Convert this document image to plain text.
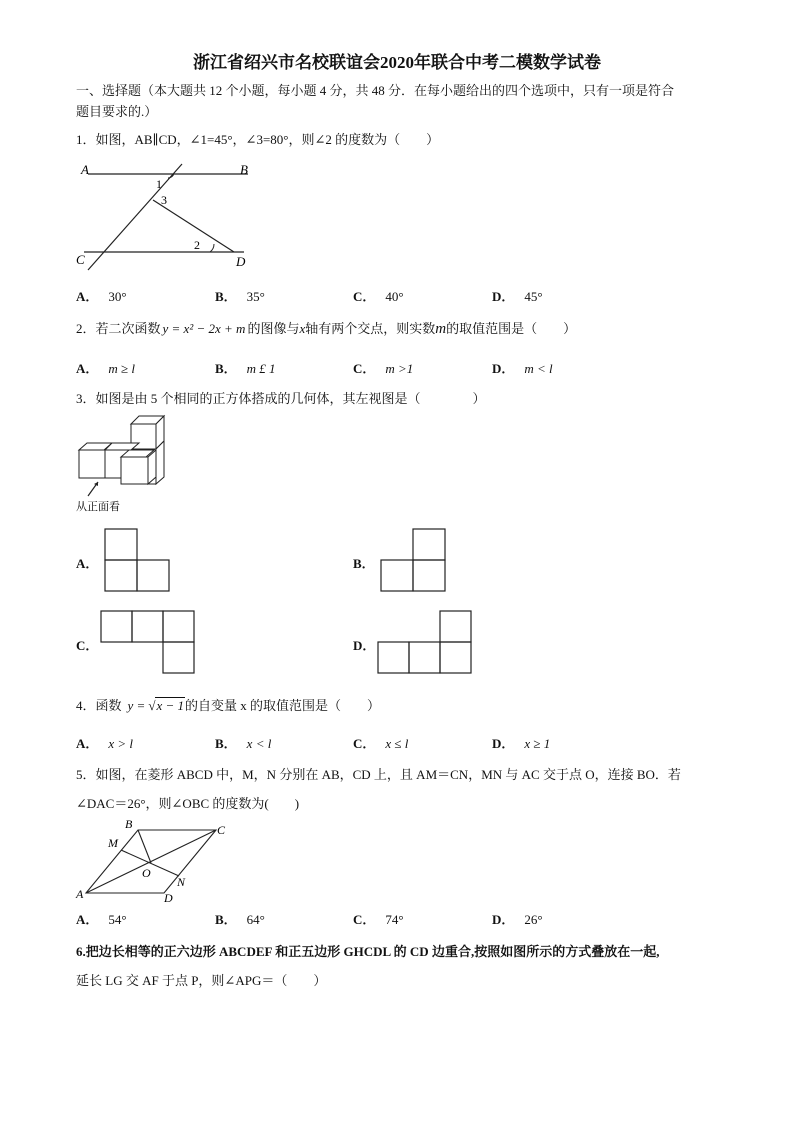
浙江省绍兴市名校联谊会2020年联合中考二模数学试卷
一、选择题（本大题共 12 个小题，每小题 4 分，共 48 分．在每小题给出的四个选项中，只有一项是符合
题目要求的.）
1．如图，AB∥CD，∠1=45°，∠3=80°，则∠2 的度数为（　　）
A	B
C	D
1
2
3
A． 30°	B． 35°	C． 40°	D． 45°
2．若二次函数 y = x² − 2x + m 的图像与x轴有两个交点，则实数m的取值范围是（　　）
A． m ≥ l	B． m £ 1	C． m >1	D． m < l
3．如图是由 5 个相同的正方体搭成的几何体，其左视图是（　　　　）
从正面看
A．	B．
C．	D．
4．函数 y = √x − 1的自变量 x 的取值范围是（　　）
A． x > l	B． x < l	C． x ≤ l	D． x ≥ 1
5．如图，在菱形 ABCD 中，M，N 分别在 AB，CD 上，且 AM＝CN，MN 与 AC 交于点 O，连接 BO．若
∠DAC＝26°，则∠OBC 的度数为(　　)
A
B	C
D
M
N
O
A． 54°	B． 64°	C． 74°	D． 26°
6.把边长相等的正六边形 ABCDEF 和正五边形 GHCDL 的 CD 边重合,按照如图所示的方式叠放在一起,
延长 LG 交 AF 于点 P，则∠APG＝（　　）
